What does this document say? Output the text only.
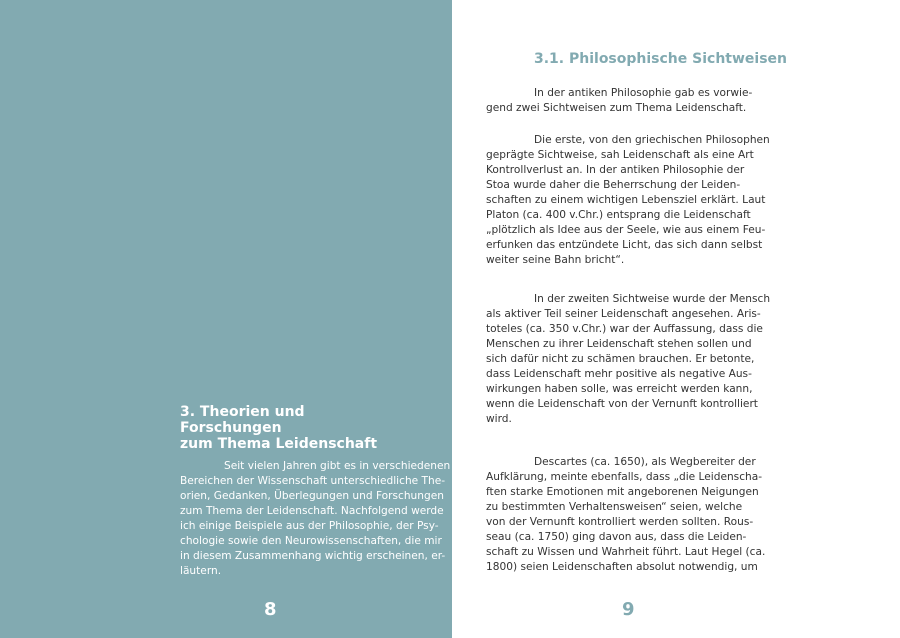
3. Theorien und Forschungen
zum Thema Leidenschaft
Seit vielen Jahren gibt es in verschiedenen
Bereichen der Wissenschaft unterschiedliche The-
orien, Gedanken, Überlegungen und Forschungen
zum Thema der Leidenschaft. Nachfolgend werde
ich einige Beispiele aus der Philosophie, der Psy-
chologie sowie den Neurowissenschaften, die mir
in diesem Zusammenhang wichtig erscheinen, er-
läutern.
8
3.1. Philosophische Sichtweisen
In der antiken Philosophie gab es vorwie-
gend zwei Sichtweisen zum Thema Leidenschaft.
Die erste, von den griechischen Philosophen
geprägte Sichtweise, sah Leidenschaft als eine Art
Kontrollverlust an. In der antiken Philosophie der
Stoa wurde daher die Beherrschung der Leiden-
schaften zu einem wichtigen Lebensziel erklärt. Laut
Platon (ca. 400 v.Chr.) entsprang die Leidenschaft
„plötzlich als Idee aus der Seele, wie aus einem Feu-
erfunken das entzündete Licht, das sich dann selbst
weiter seine Bahn bricht“.
In der zweiten Sichtweise wurde der Mensch
als aktiver Teil seiner Leidenschaft angesehen. Aris-
toteles (ca. 350 v.Chr.) war der Auffassung, dass die
Menschen zu ihrer Leidenschaft stehen sollen und
sich dafür nicht zu schämen brauchen. Er betonte,
dass Leidenschaft mehr positive als negative Aus-
wirkungen haben solle, was erreicht werden kann,
wenn die Leidenschaft von der Vernunft kontrolliert
wird.
Descartes (ca. 1650), als Wegbereiter der
Aufklärung, meinte ebenfalls, dass „die Leidenscha-
ften starke Emotionen mit angeborenen Neigungen
zu bestimmten Verhaltensweisen“ seien, welche
von der Vernunft kontrolliert werden sollten. Rous-
seau (ca. 1750) ging davon aus, dass die Leiden-
schaft zu Wissen und Wahrheit führt. Laut Hegel (ca.
1800) seien Leidenschaften absolut notwendig, um
9
